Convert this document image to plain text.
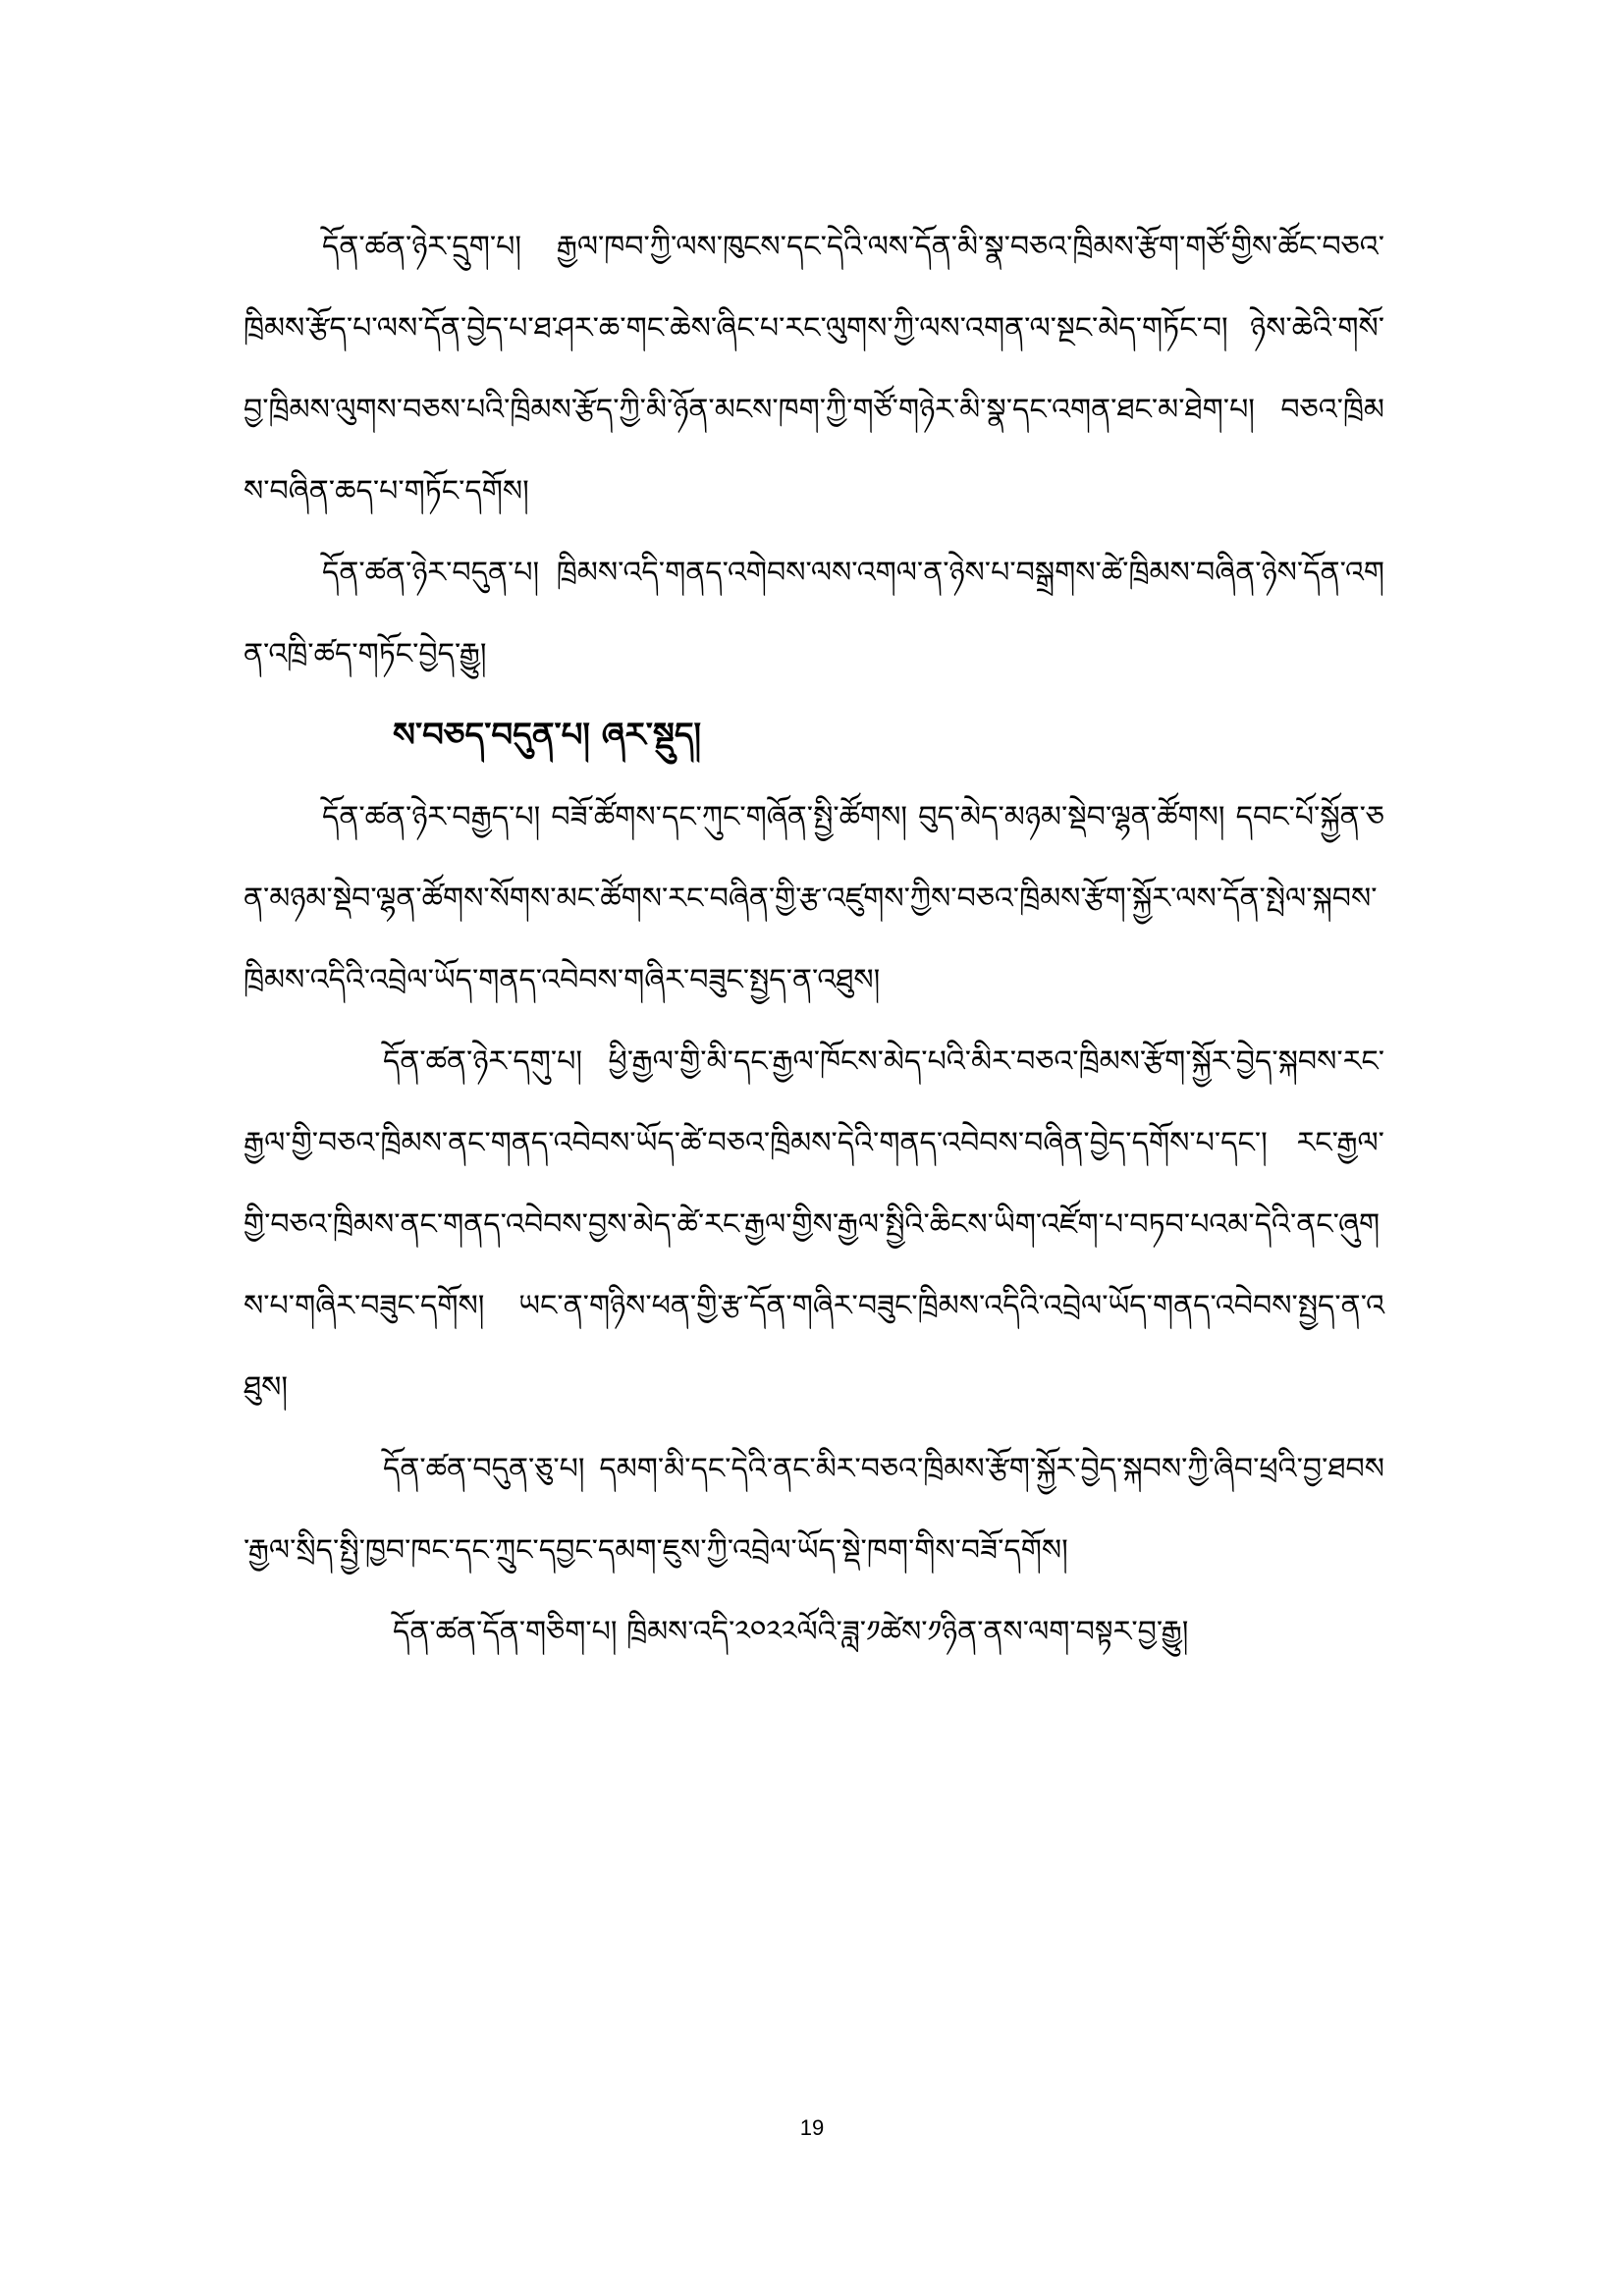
དོན་ཚན་ཉེར་དྲུག་པ། རྒྱལ་ཁབ་ཀྱི་ལས་ཁུངས་དང་དེའི་ལས་དོན་མི་སྣ་བཅའ་ཁྲིམས་རྩོག་གཙོ་གྱིས་ཚོང་བཅའ་ཁྲིམས་རྩོད་པ་ལས་དོན་བྱེད་པ་ཐ་ཤར་ཆ་གང་ཆེས་ཞིང་པ་རང་ལུགས་ཀྱི་ལས་འགན་ལ་སྔང་མེད་གཏོང་བ། ཉེས་ཆེའི་གསོ་བྱ་ཁྲིམས་ལུགས་བཅས་པའི་ཁྲིམས་རྩོད་ཀྱི་མི་ཉོན་མངས་ཁག་ཀྱི་གཙོ་གཉེར་མི་སྣ་དང་འགན་ཐང་མ་ཐེག་པ། བཅའ་ཁྲིམས་བཞིན་ཆད་པ་གཏོང་དགོས།

དོན་ཚན་ཉེར་བདུན་པ། ཁྲིམས་འདི་གནད་འགེབས་ལས་འགལ་ན་ཉེས་པ་བསྒྲགས་ཚེ་ཁྲིམས་བཞིན་ཉེས་དོན་འགན་འཁྲི་ཚད་གཏོང་བྱེད་རྒྱུ།

ས་བཅད་བདུན་པ། ཞར་སྡུད།

དོན་ཚན་ཉེར་བརྒྱད་པ། བཟོ་ཚོགས་དང་ཀུང་གཞོན་སྤྱི་ཚོགས། བུད་མེད་མཉམ་སྡེབ་ལྷན་ཚོགས། དབང་པོ་སྐྱོན་ཅན་མཉམ་སྡེབ་ལྷན་ཚོགས་སོགས་མང་ཚོགས་རང་བཞིན་གྱི་རྩ་འཛུགས་ཀྱིས་བཅའ་ཁྲིམས་རྩོག་སྐྱོར་ལས་དོན་སྤེལ་སྐབས་ཁྲིམས་འདིའི་འབྲེལ་ཡོད་གནད་འབེབས་གཞིར་བཟུང་སྤྱད་ན་འཐུས།

དོན་ཚན་ཉེར་དགུ་པ། ཕྱི་རྒྱལ་གྱི་མི་དང་རྒྱལ་ཁོངས་མེད་པའི་མིར་བཅའ་ཁྲིམས་རྩོག་སྐྱོར་བྱེད་སྐབས་རང་རྒྱལ་གྱི་བཅའ་ཁྲིམས་ནང་གནད་འབེབས་ཡོད་ཚེ་བཅའ་ཁྲིམས་དེའི་གནད་འབེབས་བཞིན་བྱེད་དགོས་པ་དང་། རང་རྒྱལ་གྱི་བཅའ་ཁྲིམས་ནང་གནད་འབེབས་བྱས་མེད་ཚེ་རང་རྒྱལ་གྱིས་རྒྱལ་སྤྱིའི་ཆིངས་ཡིག་འཛོག་པ་བཏབ་པའམ་དེའི་ནང་ཞུགས་པ་གཞིར་བཟུང་དགོས། ཡང་ན་གཉིས་ཕན་གྱི་རྩ་དོན་གཞིར་བཟུང་ཁྲིམས་འདིའི་འབྲེལ་ཡོད་གནད་འབེབས་སྤྱད་ན་འཐུས།

དོན་ཚན་བདུན་ཅུ་པ། དམག་མི་དང་དེའི་ནང་མིར་བཅའ་ཁྲིམས་རྩོག་སྐྱོར་བྱེད་སྐབས་ཀྱི་ཞིབ་ཕྲའི་བྱ་ཐབས་རྒྱལ་སྲིད་སྤྱི་ཁྱབ་ཁང་དང་ཀྲུང་དབྱང་དམག་ཇུས་ཀྱི་འབྲེལ་ཡོད་སྡེ་ཁག་གིས་བཟོ་དགོས།

དོན་ཚན་དོན་གཅིག་པ། ཁྲིམས་འདི་༢༠༢༢ལོའི་ཟླ་༡ཚེས་༡ཉིན་ནས་ལག་བསྟར་བྱ་རྒྱུ།

19
